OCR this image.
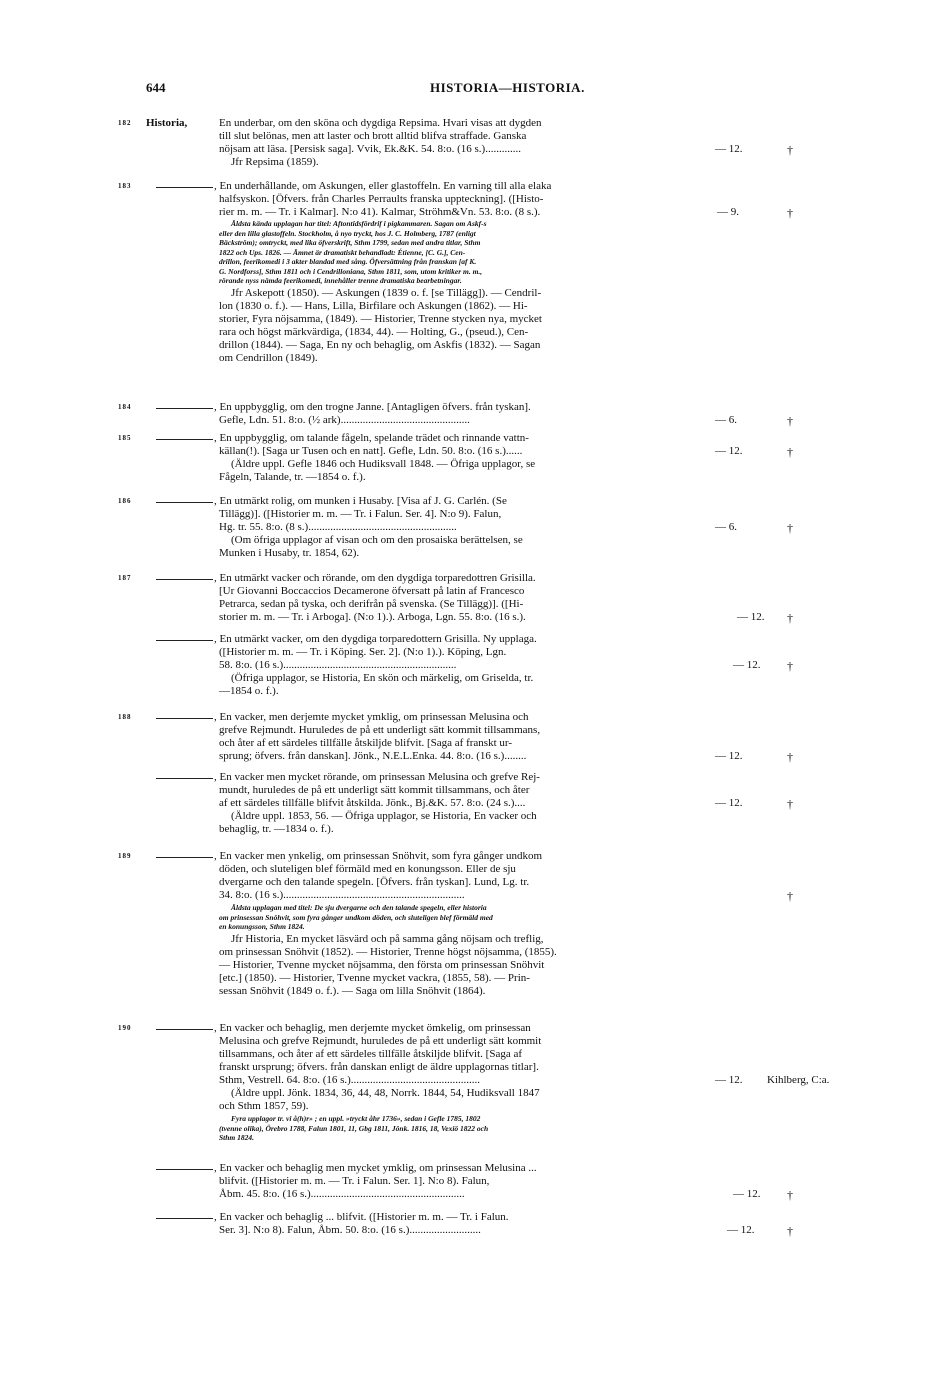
644	HISTORIA—HISTORIA.
182 Historia,	En underbar, om den sköna och dygdiga Repsima. Hvari visas att dygden
till slut belönas, men att laster och brott alltid blifva straffade. Ganska
nöjsam att läsa. [Persisk saga]. Vvik, Ek.&K. 54. 8:o. (16 s.).............
Jfr Repsima (1859).
— 12.	†
183	, En underhållande, om Askungen, eller glastoffeln. En varning till alla elaka
halfsyskon. [Öfvers. från Charles Perraults franska uppteckning]. ([Histo-
rier m. m. — Tr. i Kalmar]. N:o 41). Kalmar, Ströhm&Vn. 53. 8:o. (8 s.).	— 9.	†
Äldsta kända upplagan har titel: Aftontidsfördrif i pigkammaren. Sagan om Askf-s
eller den lilla glastoffeln. Stockholm, å nyo tryckt, hos J. C. Holmberg, 1787 (enligt
Bäckström); omtryckt, med lika öfverskrift, Sthm 1799, sedan med andra titlar, Sthm
1822 och Ups. 1826. — Ämnet är dramatiskt behandladt: Étienne, [C. G.], Cen-
drillon, feerikomedi i 3 akter blandad med sång. Öfversättning från franskan [af K.
G. Nordforss], Sthm 1811 och i Cendrilloniana, Sthm 1811, som, utom kritiker m. m.,
rörande nyss nämda feerikomedi, innehåller trenne dramatiska bearbetningar.
Jfr Askepott (1850). — Askungen (1839 o. f. [se Tillägg]). — Cendril-
lon (1830 o. f.). — Hans, Lilla, Birfilare och Askungen (1862). — Hi-
storier, Fyra nöjsamma, (1849). — Historier, Trenne stycken nya, mycket
rara och högst märkvärdiga, (1834, 44). — Holting, G., (pseud.), Cen-
drillon (1844). — Saga, En ny och behaglig, om Askfis (1832). — Sagan
om Cendrillon (1849).
184	, En uppbygglig, om den trogne Janne. [Antagligen öfvers. från tyskan].
Gefle, Ldn. 51. 8:o. (½ ark)...............................................	— 6.	†
185	, En uppbygglig, om talande fågeln, spelande trädet och rinnande vattn-
källan(!). [Saga ur Tusen och en natt]. Gefle, Ldn. 50. 8:o. (16 s.)......
(Äldre uppl. Gefle 1846 och Hudiksvall 1848. — Öfriga upplagor, se
Fågeln, Talande, tr. —1854 o. f.).
— 12.	†
186	, En utmärkt rolig, om munken i Husaby. [Visa af J. G. Carlén. (Se
Tillägg)]. ([Historier m. m. — Tr. i Falun. Ser. 4]. N:o 9). Falun,
Hg. tr. 55. 8:o. (8 s.)......................................................
(Om öfriga upplagor af visan och om den prosaiska berättelsen, se
Munken i Husaby, tr. 1854, 62).
— 6.	†
187	, En utmärkt vacker och rörande, om den dygdiga torparedottren Grisilla.
[Ur Giovanni Boccaccios Decamerone öfversatt på latin af Francesco
Petrarca, sedan på tyska, och derifrån på svenska. (Se Tillägg)]. ([Hi-
storier m. m. — Tr. i Arboga]. (N:o 1).). Arboga, Lgn. 55. 8:o. (16 s.).	— 12. †
, En utmärkt vacker, om den dygdiga torparedottern Grisilla. Ny upplaga.
([Historier m. m. — Tr. i Köping. Ser. 2]. (N:o 1).). Köping, Lgn.
58. 8:o. (16 s.)...............................................................
(Öfriga upplagor, se Historia, En skön och märkelig, om Griselda, tr.
—1854 o. f.).
— 12. †
188	, En vacker, men derjemte mycket ymklig, om prinsessan Melusina och
grefve Rejmundt. Huruledes de på ett underligt sätt kommit tillsammans,
och åter af ett särdeles tillfälle åtskiljde blifvit. [Saga af franskt ur-
sprung; öfvers. från danskan]. Jönk., N.E.L.Enka. 44. 8:o. (16 s.)........	— 12.	†
, En vacker men mycket rörande, om prinsessan Melusina och grefve Rej-
mundt, huruledes de på ett underligt sätt kommit tillsammans, och åter
af ett särdeles tillfälle blifvit åtskilda. Jönk., Bj.&K. 57. 8:o. (24 s.)....
(Äldre uppl. 1853, 56. — Öfriga upplagor, se Historia, En vacker och
behaglig, tr. —1834 o. f.).
— 12.	†
189	, En vacker men ynkelig, om prinsessan Snöhvit, som fyra gånger undkom
döden, och sluteligen blef förmäld med en konungsson. Eller de sju
dvergarne och den talande spegeln. [Öfvers. från tyskan]. Lund, Lg. tr.
34. 8:o. (16 s.)..................................................................	†
Äldsta upplagan med titel: De sju dvergarne och den talande spegeln, eller historia
om prinsessan Snöhvit, som fyra gånger undkom döden, och sluteligen blef förmäld med
en konungsson, Sthm 1824.
Jfr Historia, En mycket läsvärd och på samma gång nöjsam och treflig,
om prinsessan Snöhvit (1852). — Historier, Trenne högst nöjsamma, (1855).
— Historier, Tvenne mycket nöjsamma, den första om prinsessan Snöhvit
[etc.] (1850). — Historier, Tvenne mycket vackra, (1855, 58). — Prin-
sessan Snöhvit (1849 o. f.). — Saga om lilla Snöhvit (1864).
190	, En vacker och behaglig, men derjemte mycket ömkelig, om prinsessan
Melusina och grefve Rejmundt, huruledes de på ett underligt sätt kommit
tillsammans, och åter af ett särdeles tillfälle åtskiljde blifvit. [Saga af
franskt ursprung; öfvers. från danskan enligt de äldre upplagornas titlar].
Sthm, Vestrell. 64. 8:o. (16 s.)...............................................
(Äldre uppl. Jönk. 1834, 36, 44, 48, Norrk. 1844, 54, Hudiksvall 1847
och Sthm 1857, 59).
— 12. Kihlberg, C:a.
Fyra upplagor tr. vi å(h)r» ; en uppl. »tryckt åhr 1736», sedan i Gefle 1785, 1802
(tvenne olika), Örebro 1788, Falun 1801, 11, Gbg 1811, Jönk. 1816, 18, Vexiö 1822 och
Sthm 1824.
, En vacker och behaglig men mycket ymklig, om prinsessan Melusina ...
blifvit. ([Historier m. m. — Tr. i Falun. Ser. 1]. N:o 8). Falun,
Åbm. 45. 8:o. (16 s.)........................................................	— 12. †
, En vacker och behaglig ... blifvit. ([Historier m. m. — Tr. i Falun.
Ser. 3]. N:o 8). Falun, Åbm. 50. 8:o. (16 s.)..........................	— 12.	†
